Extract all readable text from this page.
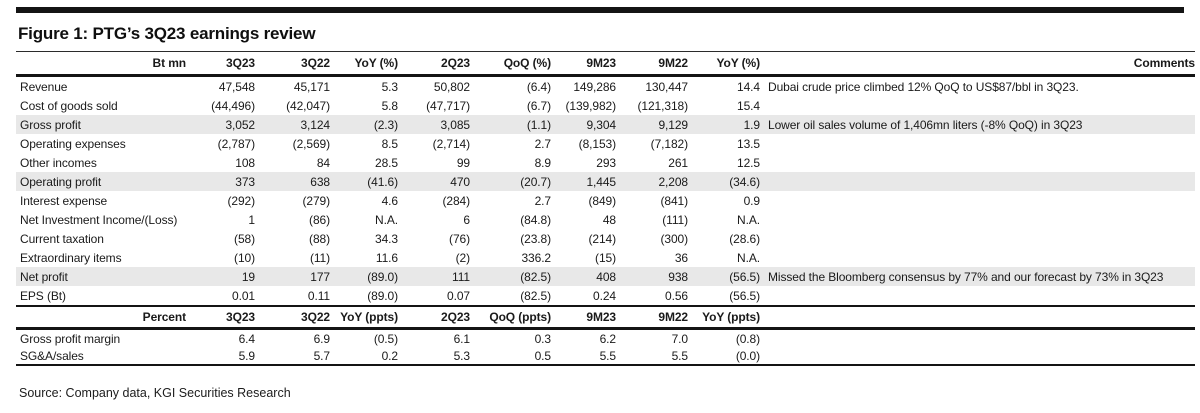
Figure 1: PTG’s 3Q23 earnings review
Bt mn	3Q23	3Q22	YoY (%)	2Q23	QoQ (%)	9M23	9M22	YoY (%)	Comments
Revenue	47,548	45,171	5.3	50,802	(6.4)	149,286	130,447	14.4	Dubai crude price climbed 12% QoQ to US$87/bbl in 3Q23.
Cost of goods sold	(44,496)	(42,047)	5.8	(47,717)	(6.7)	(139,982)	(121,318)	15.4	
Gross profit	3,052	3,124	(2.3)	3,085	(1.1)	9,304	9,129	1.9	Lower oil sales volume of 1,406mn liters (-8% QoQ) in 3Q23
Operating expenses	(2,787)	(2,569)	8.5	(2,714)	2.7	(8,153)	(7,182)	13.5	
Other incomes	108	84	28.5	99	8.9	293	261	12.5	
Operating profit	373	638	(41.6)	470	(20.7)	1,445	2,208	(34.6)	
Interest expense	(292)	(279)	4.6	(284)	2.7	(849)	(841)	0.9	
Net Investment Income/(Loss)	1	(86)	N.A.	6	(84.8)	48	(111)	N.A.	
Current taxation	(58)	(88)	34.3	(76)	(23.8)	(214)	(300)	(28.6)	
Extraordinary items	(10)	(11)	11.6	(2)	336.2	(15)	36	N.A.	
Net profit	19	177	(89.0)	111	(82.5)	408	938	(56.5)	Missed the Bloomberg consensus by 77% and our forecast by 73% in 3Q23
EPS (Bt)	0.01	0.11	(89.0)	0.07	(82.5)	0.24	0.56	(56.5)	
Percent	3Q23	3Q22	YoY (ppts)	2Q23	QoQ (ppts)	9M23	9M22	YoY (ppts)	
Gross profit margin	6.4	6.9	(0.5)	6.1	0.3	6.2	7.0	(0.8)	
SG&A/sales	5.9	5.7	0.2	5.3	0.5	5.5	5.5	(0.0)	
Source: Company data, KGI Securities Research
